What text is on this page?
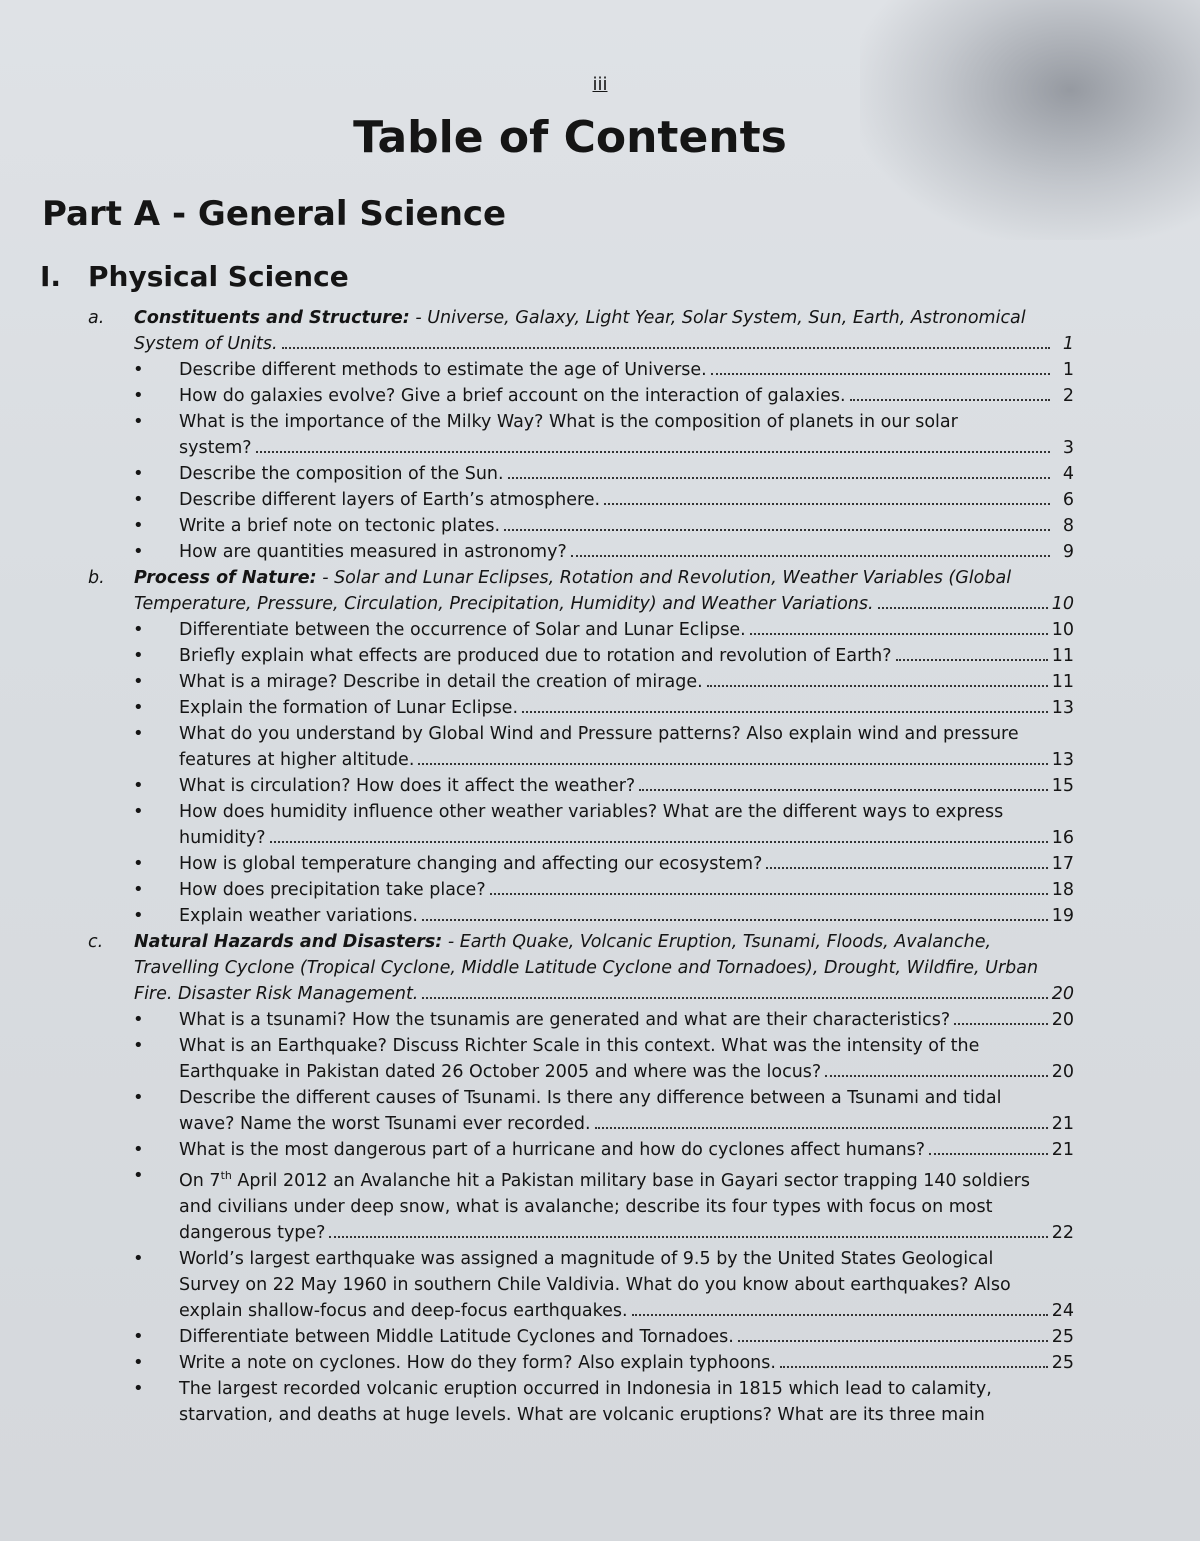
iii
Table of Contents
Part A - General Science
I. Physical Science
a. Constituents and Structure: - Universe, Galaxy, Light Year, Solar System, Sun, Earth, Astronomical
System of Units.	1
• Describe different methods to estimate the age of Universe.	1
• How do galaxies evolve? Give a brief account on the interaction of galaxies.	2
• What is the importance of the Milky Way? What is the composition of planets in our solar
system?	3
• Describe the composition of the Sun.	4
• Describe different layers of Earth’s atmosphere.	6
• Write a brief note on tectonic plates.	8
• How are quantities measured in astronomy?	9
b. Process of Nature: - Solar and Lunar Eclipses, Rotation and Revolution, Weather Variables (Global
Temperature, Pressure, Circulation, Precipitation, Humidity) and Weather Variations.	10
• Differentiate between the occurrence of Solar and Lunar Eclipse.	10
• Briefly explain what effects are produced due to rotation and revolution of Earth?	11
• What is a mirage? Describe in detail the creation of mirage.	11
• Explain the formation of Lunar Eclipse.	13
• What do you understand by Global Wind and Pressure patterns? Also explain wind and pressure
features at higher altitude.	13
• What is circulation? How does it affect the weather?	15
• How does humidity influence other weather variables? What are the different ways to express
humidity?	16
• How is global temperature changing and affecting our ecosystem?	17
• How does precipitation take place?	18
• Explain weather variations.	19
c. Natural Hazards and Disasters: - Earth Quake, Volcanic Eruption, Tsunami, Floods, Avalanche,
Travelling Cyclone (Tropical Cyclone, Middle Latitude Cyclone and Tornadoes), Drought, Wildfire, Urban
Fire. Disaster Risk Management.	20
• What is a tsunami? How the tsunamis are generated and what are their characteristics?	20
• What is an Earthquake? Discuss Richter Scale in this context. What was the intensity of the
Earthquake in Pakistan dated 26 October 2005 and where was the locus?	20
• Describe the different causes of Tsunami. Is there any difference between a Tsunami and tidal
wave? Name the worst Tsunami ever recorded.	21
• What is the most dangerous part of a hurricane and how do cyclones affect humans?	21
• On 7th April 2012 an Avalanche hit a Pakistan military base in Gayari sector trapping 140 soldiers
and civilians under deep snow, what is avalanche; describe its four types with focus on most
dangerous type?	22
• World’s largest earthquake was assigned a magnitude of 9.5 by the United States Geological
Survey on 22 May 1960 in southern Chile Valdivia. What do you know about earthquakes? Also
explain shallow-focus and deep-focus earthquakes.	24
• Differentiate between Middle Latitude Cyclones and Tornadoes.	25
• Write a note on cyclones. How do they form? Also explain typhoons.	25
• The largest recorded volcanic eruption occurred in Indonesia in 1815 which lead to calamity,
starvation, and deaths at huge levels. What are volcanic eruptions? What are its three main
